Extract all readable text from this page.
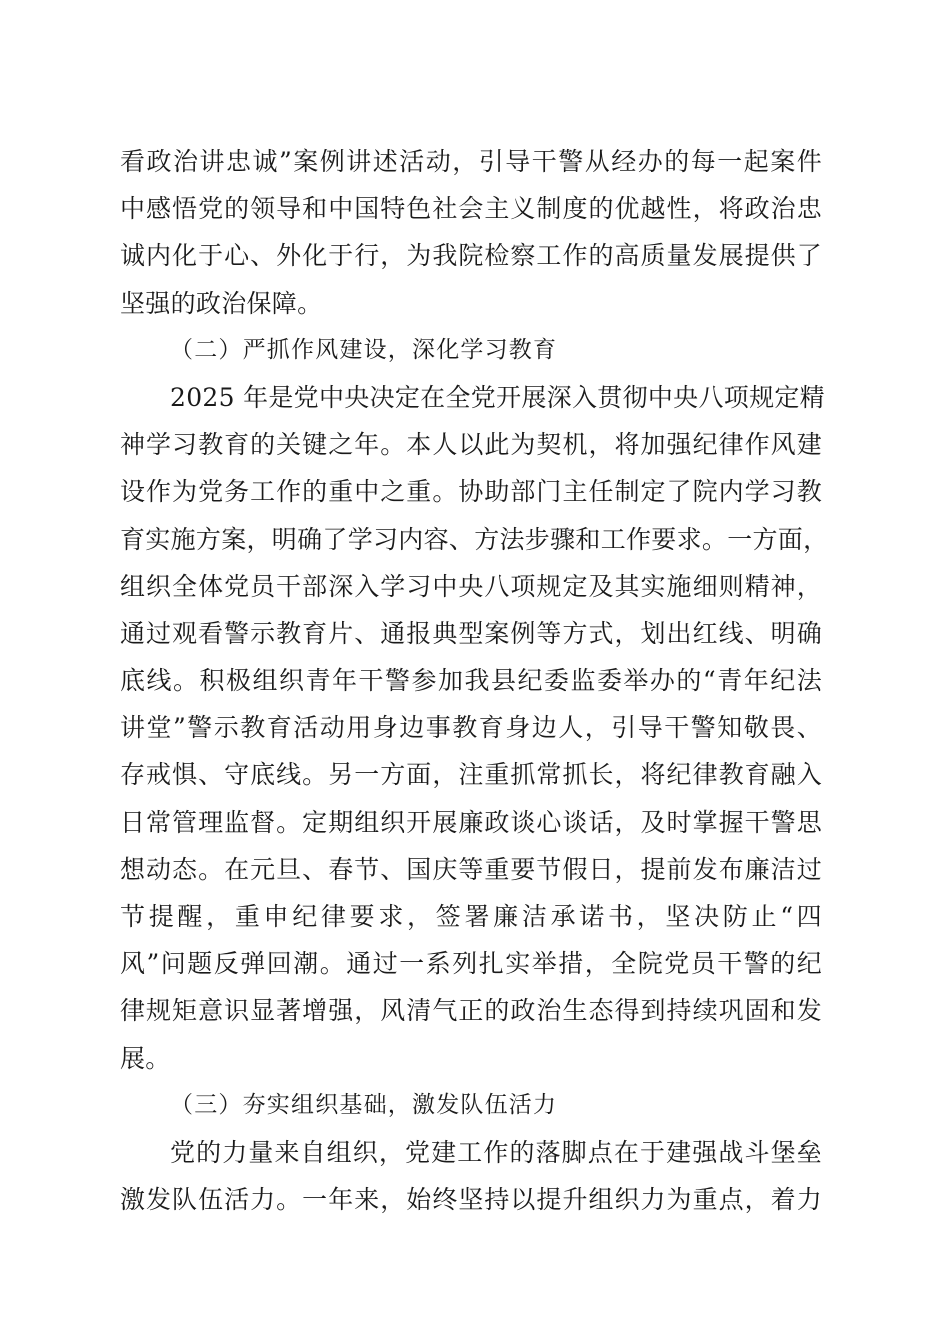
看政治讲忠诚”案例讲述活动，引导干警从经办的每一起案件
中感悟党的领导和中国特色社会主义制度的优越性，将政治忠
诚内化于心、外化于行，为我院检察工作的高质量发展提供了
坚强的政治保障。
（二）严抓作风建设，深化学习教育
2025 年是党中央决定在全党开展深入贯彻中央八项规定精
神学习教育的关键之年。本人以此为契机，将加强纪律作风建
设作为党务工作的重中之重。协助部门主任制定了院内学习教
育实施方案，明确了学习内容、方法步骤和工作要求。一方面，
组织全体党员干部深入学习中央八项规定及其实施细则精神，
通过观看警示教育片、通报典型案例等方式，划出红线、明确
底线。积极组织青年干警参加我县纪委监委举办的“青年纪法
讲堂”警示教育活动用身边事教育身边人，引导干警知敬畏、
存戒惧、守底线。另一方面，注重抓常抓长，将纪律教育融入
日常管理监督。定期组织开展廉政谈心谈话，及时掌握干警思
想动态。在元旦、春节、国庆等重要节假日，提前发布廉洁过
节提醒，重申纪律要求，签署廉洁承诺书，坚决防止“四
风”问题反弹回潮。通过一系列扎实举措，全院党员干警的纪
律规矩意识显著增强，风清气正的政治生态得到持续巩固和发
展。
（三）夯实组织基础，激发队伍活力
党的力量来自组织，党建工作的落脚点在于建强战斗堡垒
激发队伍活力。一年来，始终坚持以提升组织力为重点，着力
